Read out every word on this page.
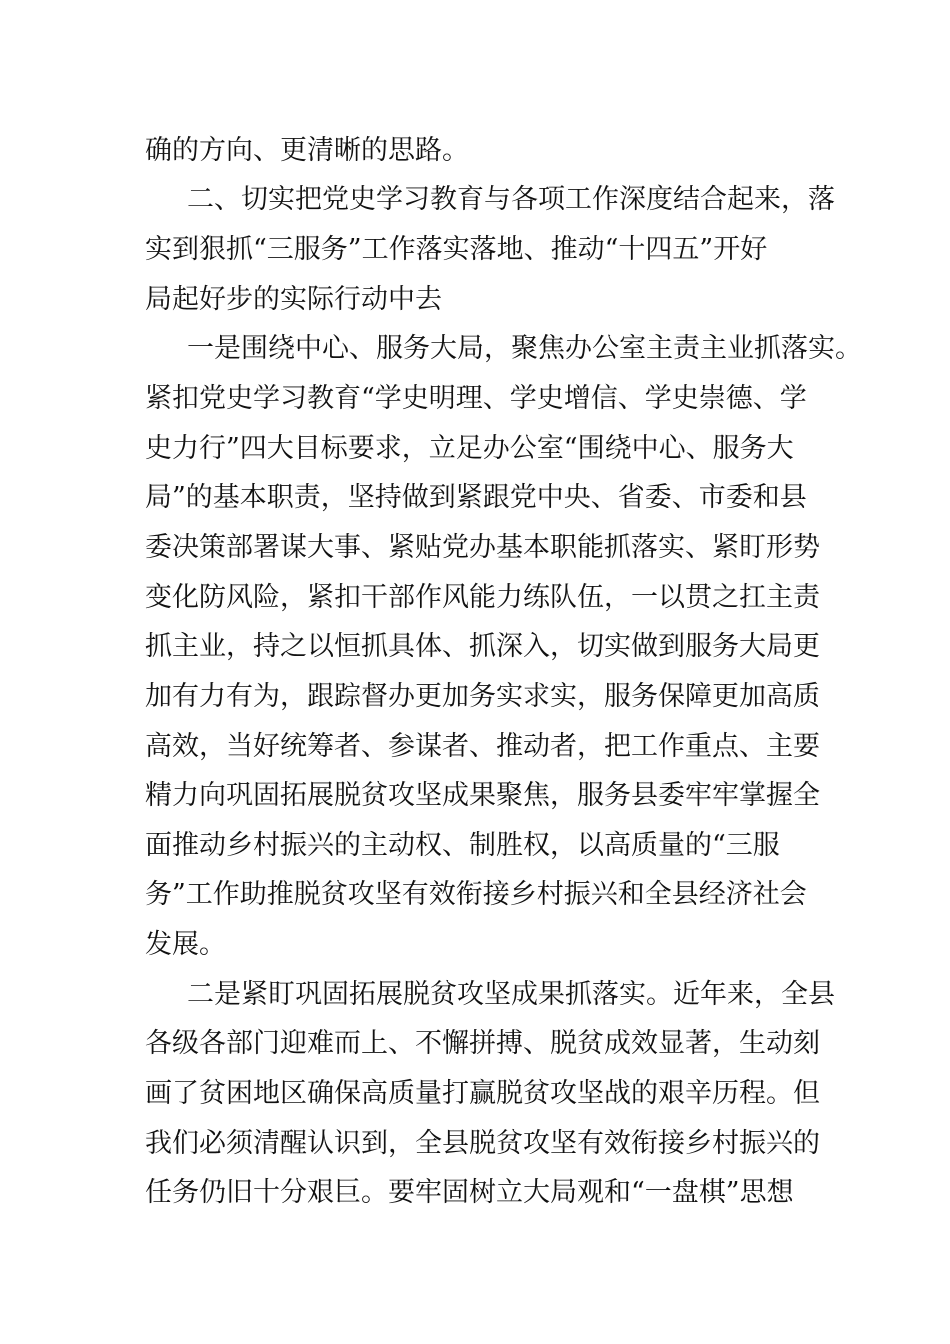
确的方向、更清晰的思路。

二、切实把党史学习教育与各项工作深度结合起来，落

实到狠抓“三服务”工作落实落地、推动“十四五”开好

局起好步的实际行动中去

一是围绕中心、服务大局，聚焦办公室主责主业抓落实。

紧扣党史学习教育“学史明理、学史增信、学史崇德、学

史力行”四大目标要求，立足办公室“围绕中心、服务大

局”的基本职责，坚持做到紧跟党中央、省委、市委和县

委决策部署谋大事、紧贴党办基本职能抓落实、紧盯形势

变化防风险，紧扣干部作风能力练队伍，一以贯之扛主责

抓主业，持之以恒抓具体、抓深入，切实做到服务大局更

加有力有为，跟踪督办更加务实求实，服务保障更加高质

高效，当好统筹者、参谋者、推动者，把工作重点、主要

精力向巩固拓展脱贫攻坚成果聚焦，服务县委牢牢掌握全

面推动乡村振兴的主动权、制胜权，以高质量的“三服

务”工作助推脱贫攻坚有效衔接乡村振兴和全县经济社会

发展。

二是紧盯巩固拓展脱贫攻坚成果抓落实。近年来，全县

各级各部门迎难而上、不懈拼搏、脱贫成效显著，生动刻

画了贫困地区确保高质量打赢脱贫攻坚战的艰辛历程。但

我们必须清醒认识到，全县脱贫攻坚有效衔接乡村振兴的

任务仍旧十分艰巨。要牢固树立大局观和“一盘棋”思想
